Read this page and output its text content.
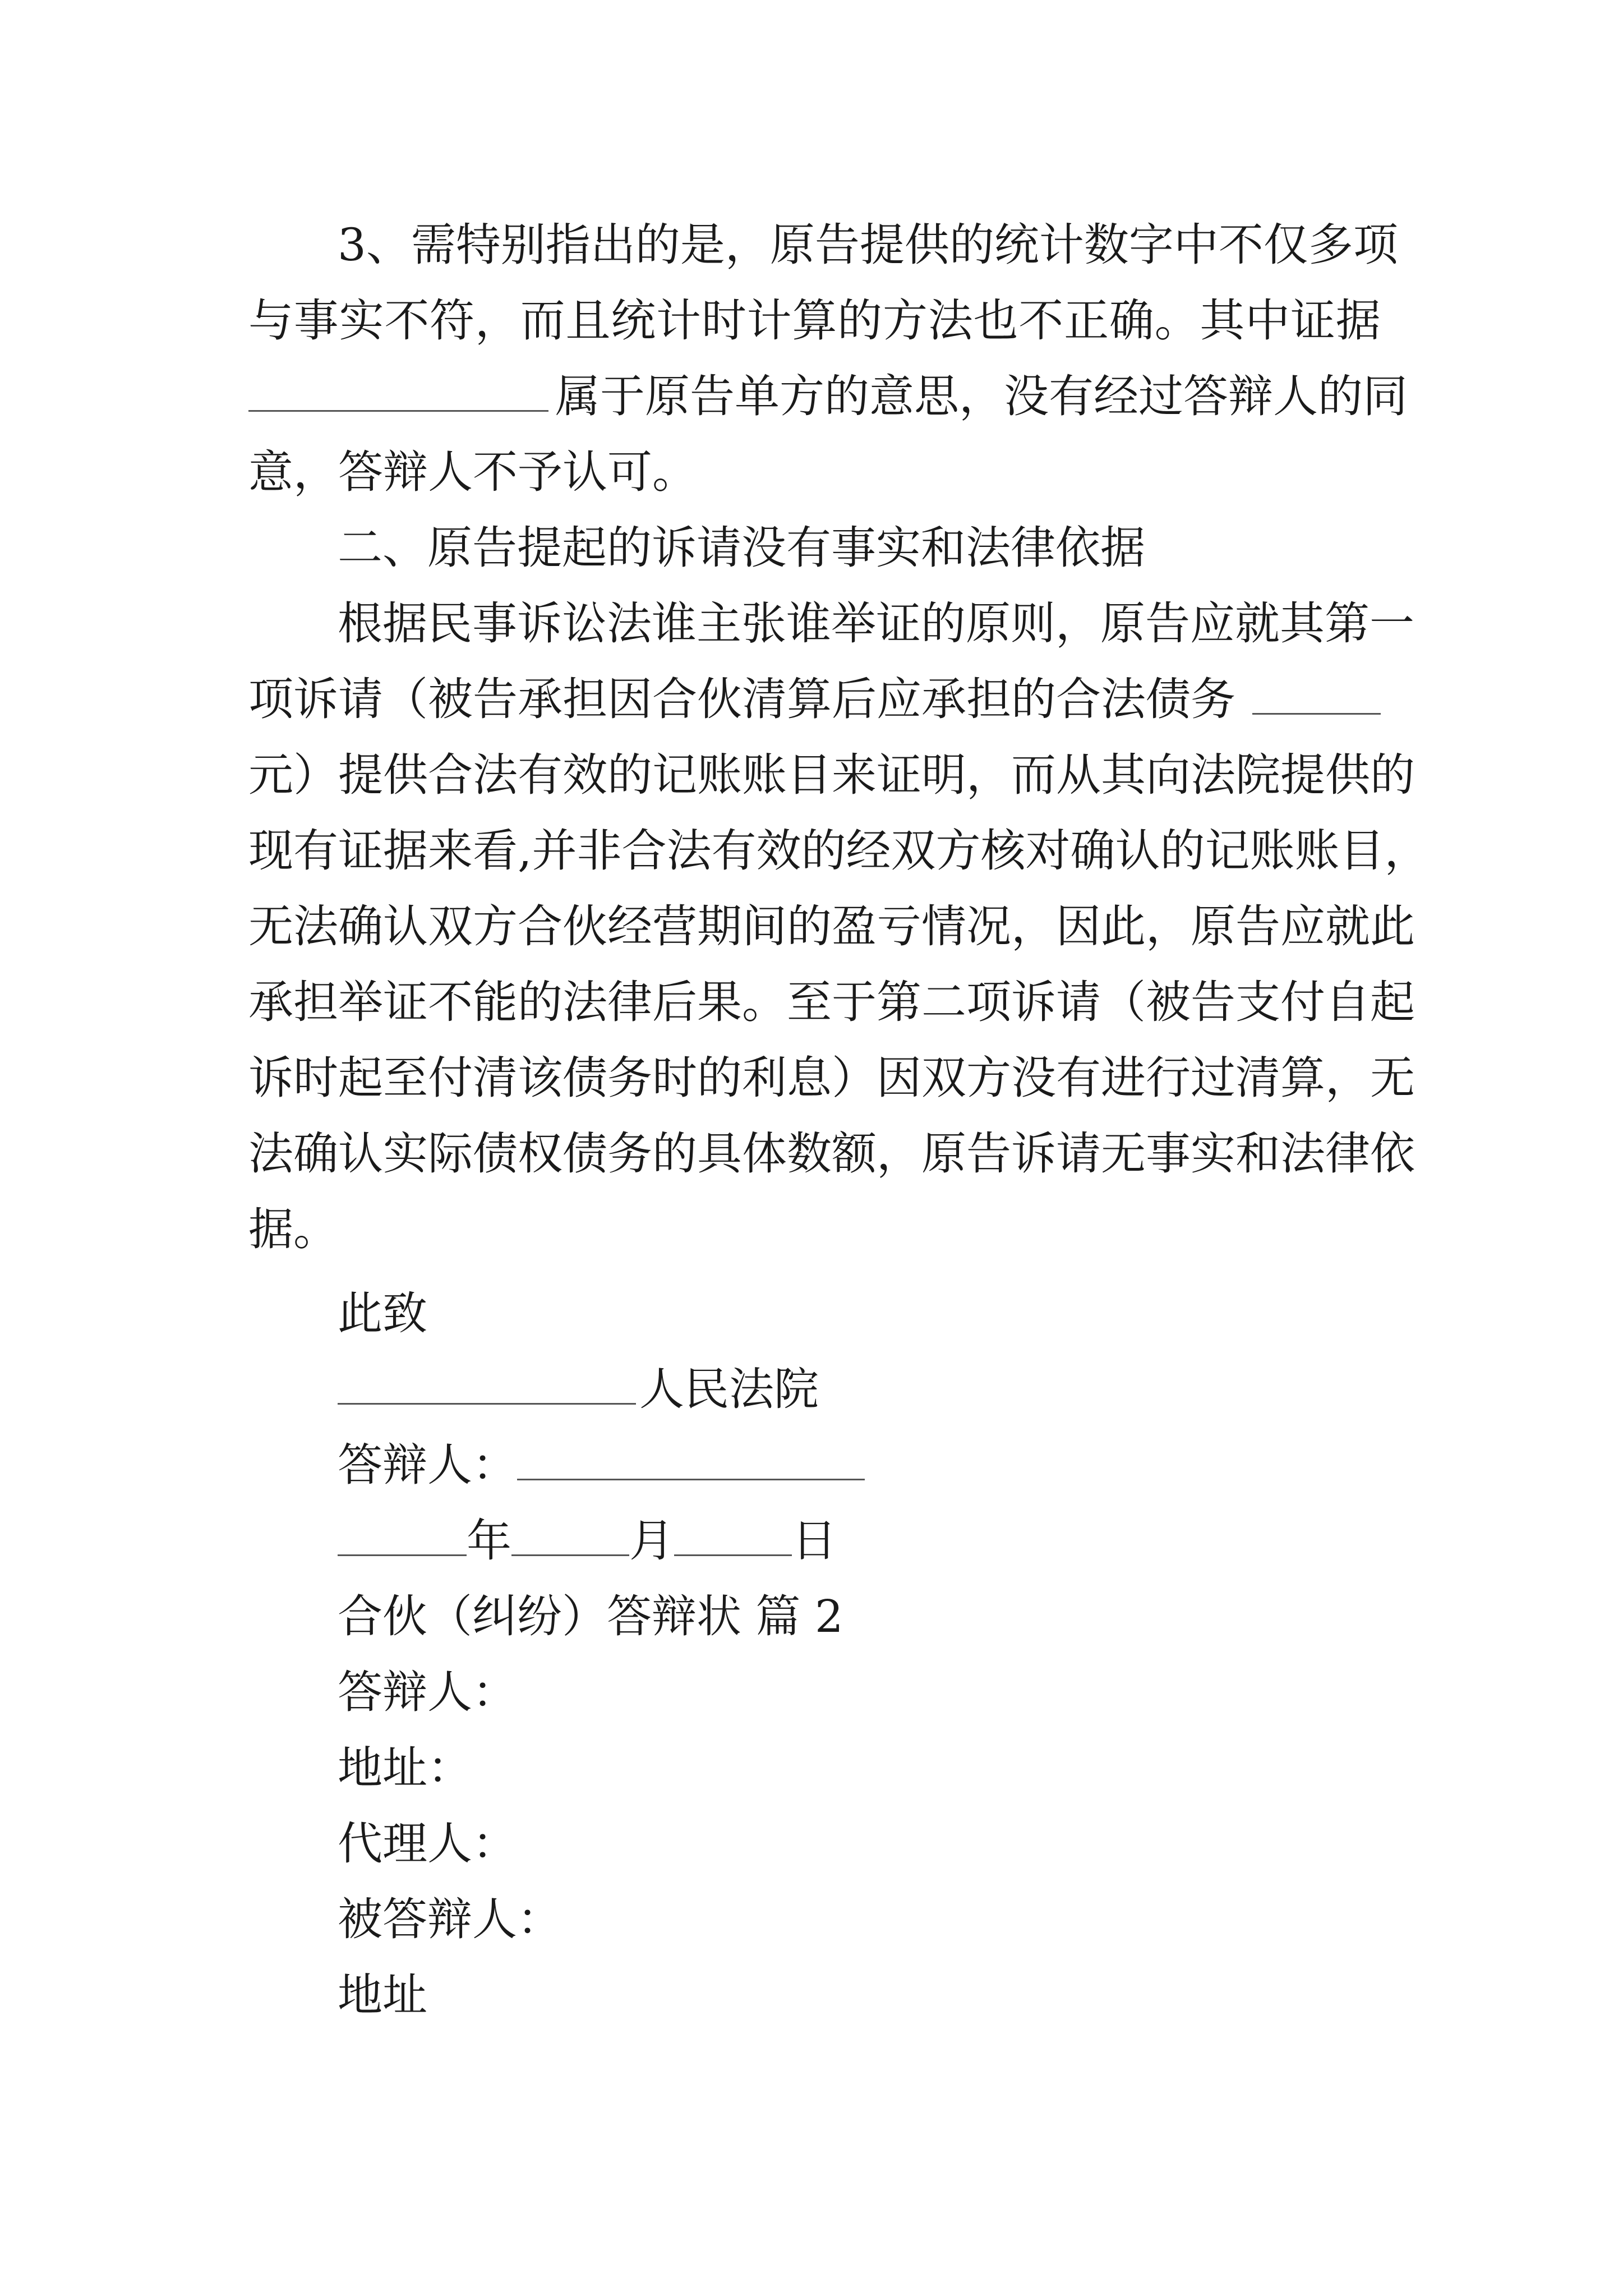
3 、 需 特 别 指 出 的 是 ， 原 告 提 供 的 统 计 数 字 中 不 仅 多 项
与 事 实 不 符 ， 而 且 统 计 时 计 算 的 方 法 也 不 正 确 。 其 中 证 据
属 于 原 告 单 方 的 意 思 ， 没 有 经 过 答 辩 人 的 同
意，答辩人不予认可。
二、原告提起的诉请没有事实和法律依据
根 据 民 事 诉 讼 法 谁 主 张 谁 举 证 的 原 则 ， 原 告 应 就 其 第 一
项诉请（被告承担因合伙清算后应承担的合法债务
元 ） 提 供 合 法 有 效 的 记 账 账 目 来 证 明 ， 而 从 其 向 法 院 提 供 的
现 有 证 据 来 看 , 并 非 合 法 有 效 的 经 双 方 核 对 确 认 的 记 账 账 目 ，
无 法 确 认 双 方 合 伙 经 营 期 间 的 盈 亏 情 况 ， 因 此 ， 原 告 应 就 此
承 担 举 证 不 能 的 法 律 后 果 。 至 于 第 二 项 诉 请 （ 被 告 支 付 自 起
诉 时 起 至 付 清 该 债 务 时 的 利 息 ） 因 双 方 没 有 进 行 过 清 算 ， 无
法 确 认 实 际 债 权 债 务 的 具 体 数 额 ， 原 告 诉 请 无 事 实 和 法 律 依
据。
此致
人民法院
答辩人：
年	月	日
合伙（纠纷）答辩状 篇 2
答辩人：
地址：
代理人：
被答辩人：
地址
